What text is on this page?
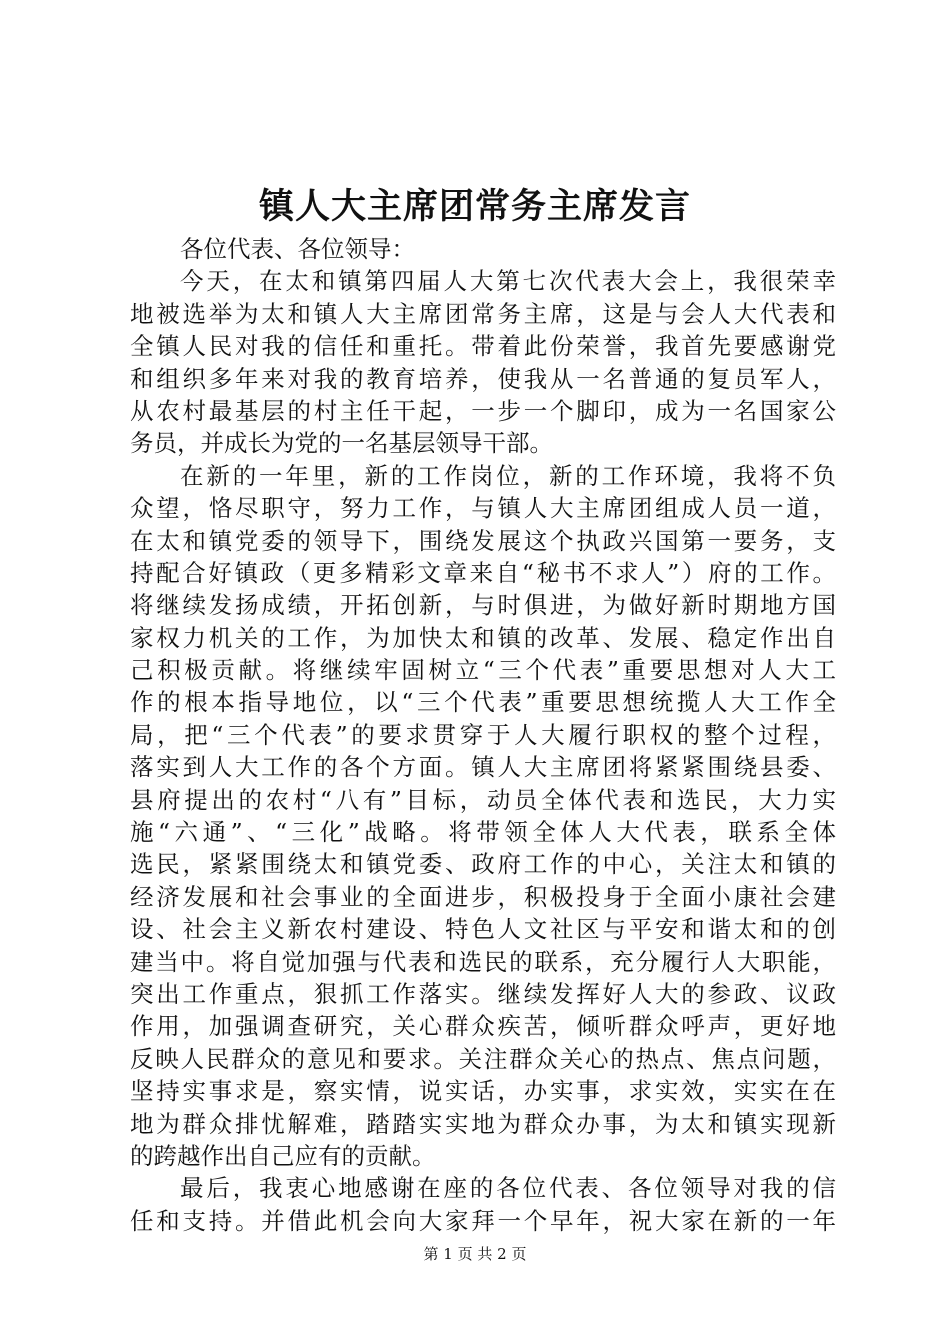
镇人大主席团常务主席发言
各位代表、各位领导：
今天，在太和镇第四届人大第七次代表大会上，我很荣幸
地被选举为太和镇人大主席团常务主席，这是与会人大代表和
全镇人民对我的信任和重托。带着此份荣誉，我首先要感谢党
和组织多年来对我的教育培养，使我从一名普通的复员军人，
从农村最基层的村主任干起，一步一个脚印，成为一名国家公
务员，并成长为党的一名基层领导干部。
在新的一年里，新的工作岗位，新的工作环境，我将不负
众望，恪尽职守，努力工作，与镇人大主席团组成人员一道，
在太和镇党委的领导下，围绕发展这个执政兴国第一要务，支
持配合好镇政（更多精彩文章来自“秘书不求人”）府的工作。
将继续发扬成绩，开拓创新，与时俱进，为做好新时期地方国
家权力机关的工作，为加快太和镇的改革、发展、稳定作出自
己积极贡献。将继续牢固树立“三个代表”重要思想对人大工
作的根本指导地位，以“三个代表”重要思想统揽人大工作全
局，把“三个代表”的要求贯穿于人大履行职权的整个过程，
落实到人大工作的各个方面。镇人大主席团将紧紧围绕县委、
县府提出的农村“八有”目标，动员全体代表和选民，大力实
施“六通”、“三化”战略。将带领全体人大代表，联系全体
选民，紧紧围绕太和镇党委、政府工作的中心，关注太和镇的
经济发展和社会事业的全面进步，积极投身于全面小康社会建
设、社会主义新农村建设、特色人文社区与平安和谐太和的创
建当中。将自觉加强与代表和选民的联系，充分履行人大职能，
突出工作重点，狠抓工作落实。继续发挥好人大的参政、议政
作用，加强调查研究，关心群众疾苦，倾听群众呼声，更好地
反映人民群众的意见和要求。关注群众关心的热点、焦点问题，
坚持实事求是，察实情，说实话，办实事，求实效，实实在在
地为群众排忧解难，踏踏实实地为群众办事，为太和镇实现新
的跨越作出自己应有的贡献。
最后，我衷心地感谢在座的各位代表、各位领导对我的信
任和支持。并借此机会向大家拜一个早年，祝大家在新的一年
第 1 页 共 2 页
